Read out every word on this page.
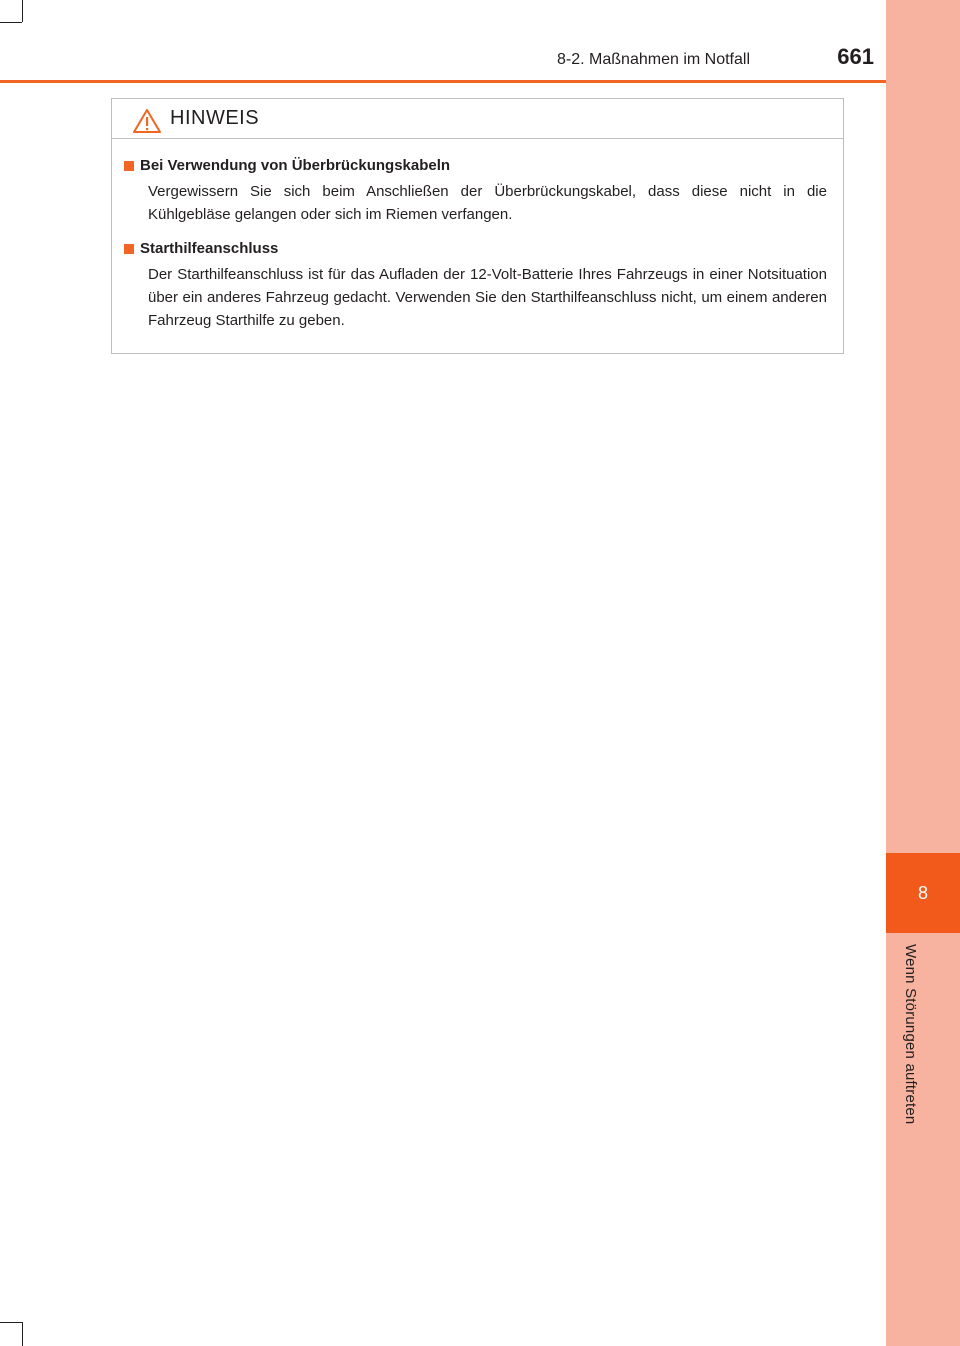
8
Wenn Störungen auftreten
8-2. Maßnahmen im Notfall	661
HINWEIS
Bei Verwendung von Überbrückungskabeln

Vergewissern Sie sich beim Anschließen der Überbrückungskabel, dass diese nicht in die Kühlgebläse gelangen oder sich im Riemen verfangen.

Starthilfeanschluss

Der Starthilfeanschluss ist für das Aufladen der 12-Volt-Batterie Ihres Fahrzeugs in einer Notsituation über ein anderes Fahrzeug gedacht. Verwenden Sie den Starthilfeanschluss nicht, um einem anderen Fahrzeug Starthilfe zu geben.
